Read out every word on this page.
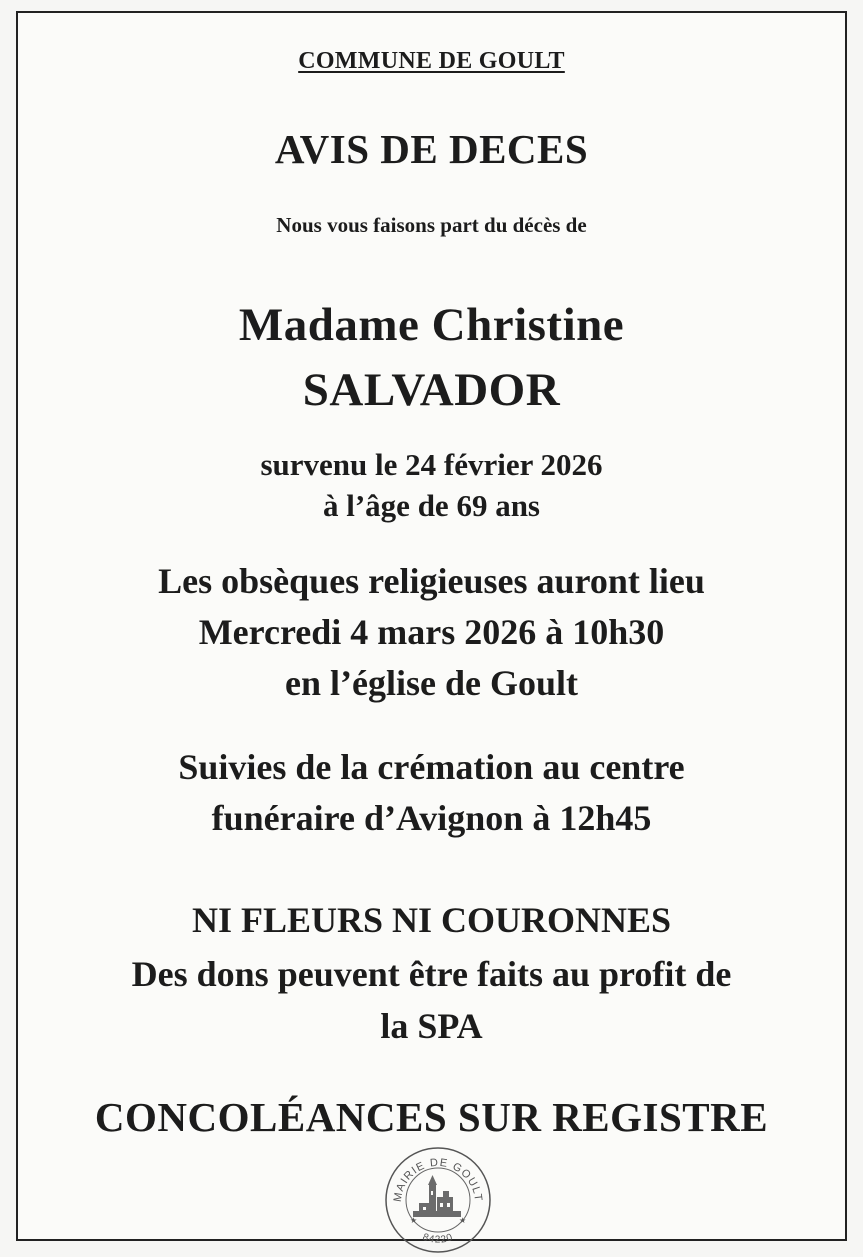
COMMUNE DE GOULT
AVIS DE DECES
Nous vous faisons part du décès de
Madame Christine
SALVADOR
survenu le 24 février 2026
à l’âge de 69 ans
Les obsèques religieuses auront lieu
Mercredi 4 mars 2026 à 10h30
en l’église de Goult
Suivies de la crémation au centre
funéraire d’Avignon à 12h45
NI FLEURS NI COURONNES
Des dons peuvent être faits au profit de
la SPA
CONCOLÉANCES SUR REGISTRE
MAIRIE DE GOULT
84220
★	★
